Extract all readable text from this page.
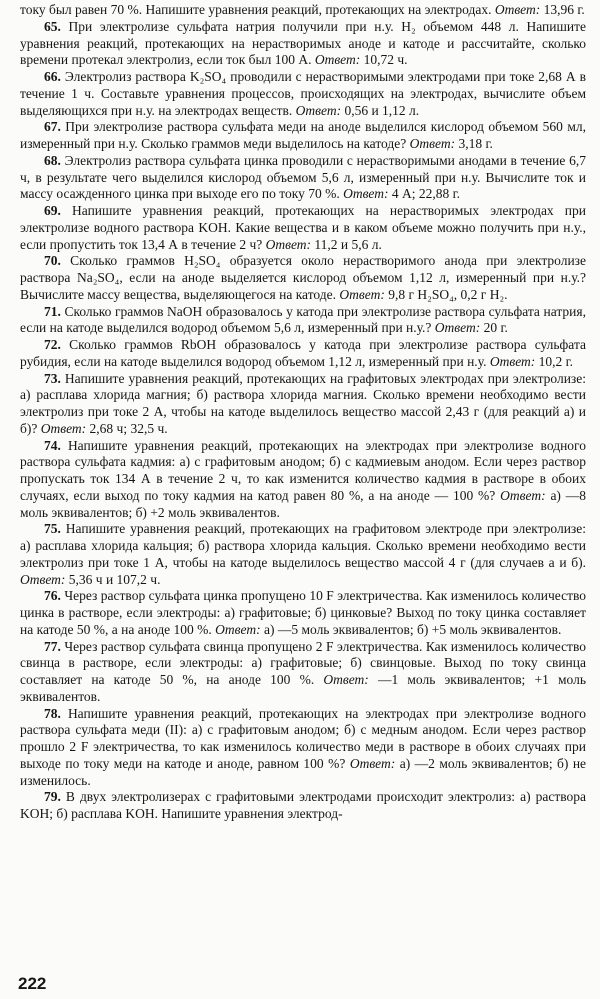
току был равен 70 %. Напишите уравнения реакций, протекающих на электродах. Ответ: 13,96 г.

65. При электролизе сульфата натрия получили при н.у. H₂ объемом 448 л. Напишите уравнения реакций, протекающих на нерастворимых аноде и катоде и рассчитайте, сколько времени протекал электролиз, если ток был 100 А. Ответ: 10,72 ч.

66. Электролиз раствора K₂SO₄ проводили с нерастворимыми электродами при токе 2,68 А в течение 1 ч. Составьте уравнения процессов, происходящих на электродах, вычислите объем выделяющихся при н.у. на электродах веществ. Ответ: 0,56 и 1,12 л.

67. При электролизе раствора сульфата меди на аноде выделился кислород объемом 560 мл, измеренный при н.у. Сколько граммов меди выделилось на катоде? Ответ: 3,18 г.

68. Электролиз раствора сульфата цинка проводили с нерастворимыми анодами в течение 6,7 ч, в результате чего выделился кислород объемом 5,6 л, измеренный при н.у. Вычислите ток и массу осажденного цинка при выходе его по току 70 %. Ответ: 4 А; 22,88 г.

69. Напишите уравнения реакций, протекающих на нерастворимых электродах при электролизе водного раствора KOH. Какие вещества и в каком объеме можно получить при н.у., если пропустить ток 13,4 А в течение 2 ч? Ответ: 11,2 и 5,6 л.

70. Сколько граммов H₂SO₄ образуется около нерастворимого анода при электролизе раствора Na₂SO₄, если на аноде выделяется кислород объемом 1,12 л, измеренный при н.у.? Вычислите массу вещества, выделяющегося на катоде. Ответ: 9,8 г H₂SO₄, 0,2 г H₂.

71. Сколько граммов NaOH образовалось у катода при электролизе раствора сульфата натрия, если на катоде выделился водород объемом 5,6 л, измеренный при н.у.? Ответ: 20 г.

72. Сколько граммов RbOH образовалось у катода при электролизе раствора сульфата рубидия, если на катоде выделился водород объемом 1,12 л, измеренный при н.у. Ответ: 10,2 г.

73. Напишите уравнения реакций, протекающих на графитовых электродах при электролизе: а) расплава хлорида магния; б) раствора хлорида магния. Сколько времени необходимо вести электролиз при токе 2 А, чтобы на катоде выделилось вещество массой 2,43 г (для реакций а) и б)? Ответ: 2,68 ч; 32,5 ч.

74. Напишите уравнения реакций, протекающих на электродах при электролизе водного раствора сульфата кадмия: а) с графитовым анодом; б) с кадмиевым анодом. Если через раствор пропускать ток 134 А в течение 2 ч, то как изменится количество кадмия в растворе в обоих случаях, если выход по току кадмия на катод равен 80 %, а на аноде — 100 %? Ответ: а) —8 моль эквивалентов; б) +2 моль эквивалентов.

75. Напишите уравнения реакций, протекающих на графитовом электроде при электролизе: а) расплава хлорида кальция; б) раствора хлорида кальция. Сколько времени необходимо вести электролиз при токе 1 А, чтобы на катоде выделилось вещество массой 4 г (для случаев а и б). Ответ: 5,36 ч и 107,2 ч.

76. Через раствор сульфата цинка пропущено 10 F электричества. Как изменилось количество цинка в растворе, если электроды: а) графитовые; б) цинковые? Выход по току цинка составляет на катоде 50 %, а на аноде 100 %. Ответ: а) —5 моль эквивалентов; б) +5 моль эквивалентов.

77. Через раствор сульфата свинца пропущено 2 F электричества. Как изменилось количество свинца в растворе, если электроды: а) графитовые; б) свинцовые. Выход по току свинца составляет на катоде 50 %, на аноде 100 %. Ответ: —1 моль эквивалентов; +1 моль эквивалентов.

78. Напишите уравнения реакций, протекающих на электродах при электролизе водного раствора сульфата меди (II): а) с графитовым анодом; б) с медным анодом. Если через раствор прошло 2 F электричества, то как изменилось количество меди в растворе в обоих случаях при выходе по току меди на катоде и аноде, равном 100 %? Ответ: а) —2 моль эквивалентов; б) не изменилось.

79. В двух электролизерах с графитовыми электродами происходит электролиз: а) раствора KOH; б) расплава KOH. Напишите уравнения электрод-

222
